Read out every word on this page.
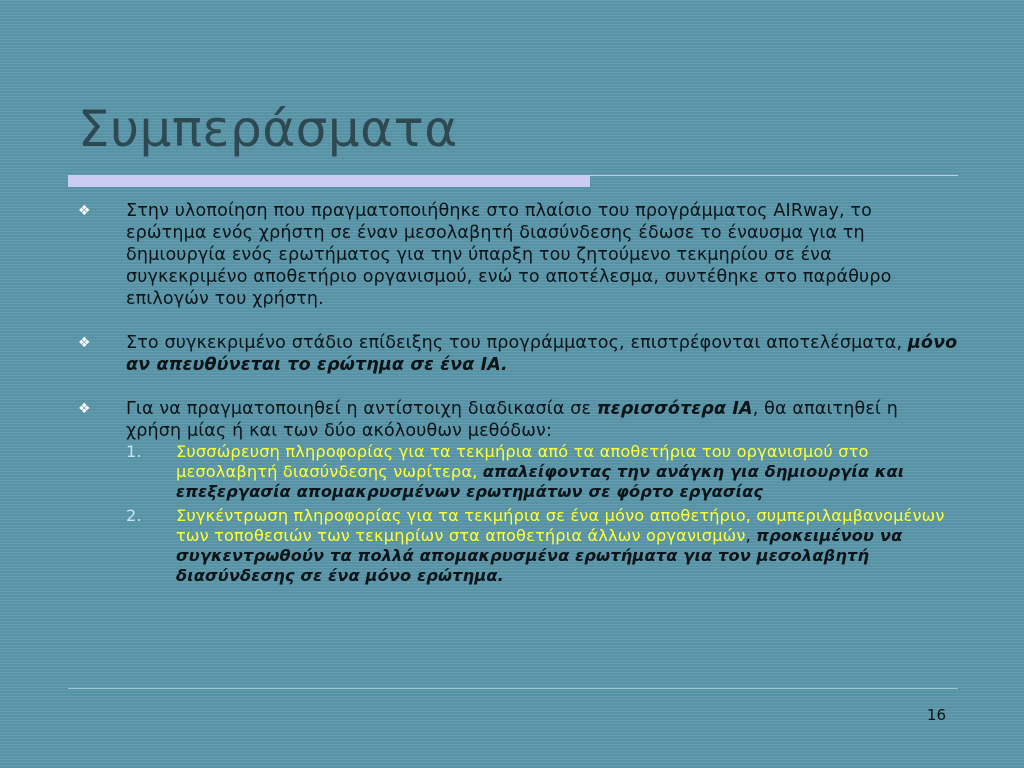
Συμπεράσματα
❖	Στην υλοποίηση που πραγματοποιήθηκε στο πλαίσιο του προγράμματος AIRway, το ερώτημα ενός χρήστη σε έναν μεσολαβητή διασύνδεσης έδωσε το έναυσμα για τη δημιουργία ενός ερωτήματος για την ύπαρξη του ζητούμενο τεκμηρίου σε ένα συγκεκριμένο αποθετήριο οργανισμού, ενώ το αποτέλεσμα, συντέθηκε στο παράθυρο επιλογών του χρήστη.
❖	Στο συγκεκριμένο στάδιο επίδειξης του προγράμματος, επιστρέφονται αποτελέσματα, μόνο αν απευθύνεται το ερώτημα σε ένα ΙΑ.
❖	Για να πραγματοποιηθεί η αντίστοιχη διαδικασία σε περισσότερα ΙΑ, θα απαιτηθεί η χρήση μίας ή και των δύο ακόλουθων μεθόδων:
1.	Συσσώρευση πληροφορίας για τα τεκμήρια από τα αποθετήρια του οργανισμού στο μεσολαβητή διασύνδεσης νωρίτερα, απαλείφοντας την ανάγκη για δημιουργία και επεξεργασία απομακρυσμένων ερωτημάτων σε φόρτο εργασίας
2.	Συγκέντρωση πληροφορίας για τα τεκμήρια σε ένα μόνο αποθετήριο, συμπεριλαμβανομένων των τοποθεσιών των τεκμηρίων στα αποθετήρια άλλων οργανισμών, προκειμένου να συγκεντρωθούν τα πολλά απομακρυσμένα ερωτήματα για τον μεσολαβητή διασύνδεσης σε ένα μόνο ερώτημα.
16
